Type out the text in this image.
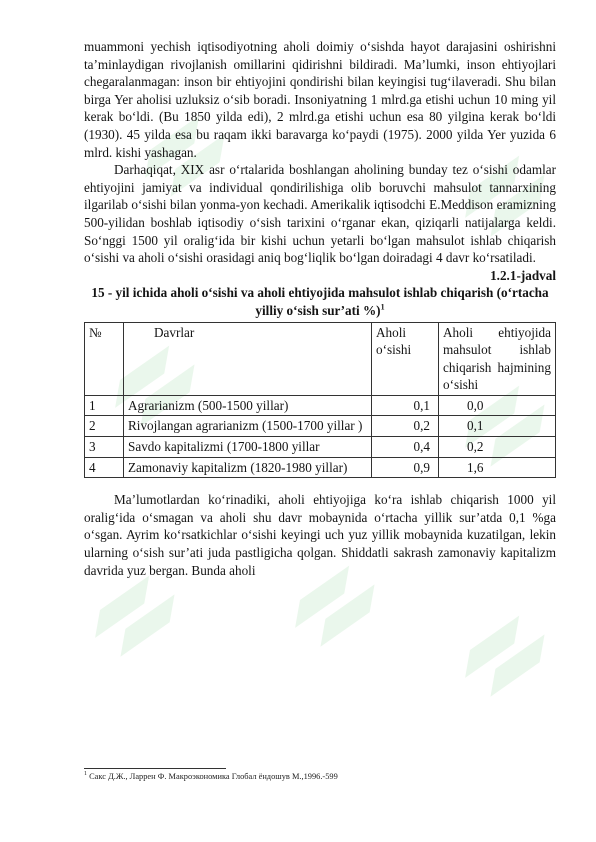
muammoni yechish iqtisodiyotning aholi doimiy o‘sishda hayot darajasini oshirishni ta’minlaydigan rivojlanish omillarini qidirishni bildiradi. Ma’lumki, inson ehtiyojlari chegaralanmagan: inson bir ehtiyojini qondirishi bilan keyingisi tug‘ilaveradi. Shu bilan birga Yer aholisi uzluksiz o‘sib boradi. Insoniyatning 1 mlrd.ga etishi uchun 10 ming yil kerak bo‘ldi. (Bu 1850 yilda edi), 2 mlrd.ga etishi uchun esa 80 yilgina kerak bo‘ldi (1930). 45 yilda esa bu raqam ikki baravarga ko‘paydi (1975). 2000 yilda Yer yuzida 6 mlrd. kishi yashagan.

Darhaqiqat, XIX asr o‘rtalarida boshlangan aholining bunday tez o‘sishi odamlar ehtiyojini jamiyat va individual qondirilishiga olib boruvchi mahsulot tannarxining ilgarilab o‘sishi bilan yonma-yon kechadi. Amerikalik iqtisodchi E.Meddison eramizning 500-yilidan boshlab iqtisodiy o‘sish tarixini o‘rganar ekan, qiziqarli natijalarga keldi. So‘nggi 1500 yil oralig‘ida bir kishi uchun yetarli bo‘lgan mahsulot ishlab chiqarish o‘sishi va aholi o‘sishi orasidagi aniq bog‘liqlik bo‘lgan doiradagi 4 davr ko‘rsatiladi.

1.2.1-jadval

15 - yil ichida aholi o‘sishi va aholi ehtiyojida mahsulot ishlab chiqarish (o‘rtacha yilliy o‘sish sur’ati %)$^1$

№	Davrlar	Aholi o‘sishi	Aholi ehtiyojida mahsulot ishlab chiqarish hajmining o‘sishi
1	Agrarianizm (500-1500 yillar)	0,1	0,0
2	Rivojlangan agrarianizm (1500-1700 yillar )	0,2	0,1
3	Savdo kapitalizmi (1700-1800 yillar	0,4	0,2
4	Zamonaviy kapitalizm (1820-1980 yillar)	0,9	1,6

Ma’lumotlardan ko‘rinadiki, aholi ehtiyojiga ko‘ra ishlab chiqarish 1000 yil oralig‘ida o‘smagan va aholi shu davr mobaynida o‘rtacha yillik sur’atda 0,1 %ga o‘sgan. Ayrim ko‘rsatkichlar o‘sishi keyingi uch yuz yillik mobaynida kuzatilgan, lekin ularning o‘sish sur’ati juda pastligicha qolgan. Shiddatli sakrash zamonaviy kapitalizm davrida yuz bergan. Bunda aholi

$^1$ Сакс Д.Ж., Ларрен Ф. Макроэкономика Глобал ёндошув М.,1996.-599
